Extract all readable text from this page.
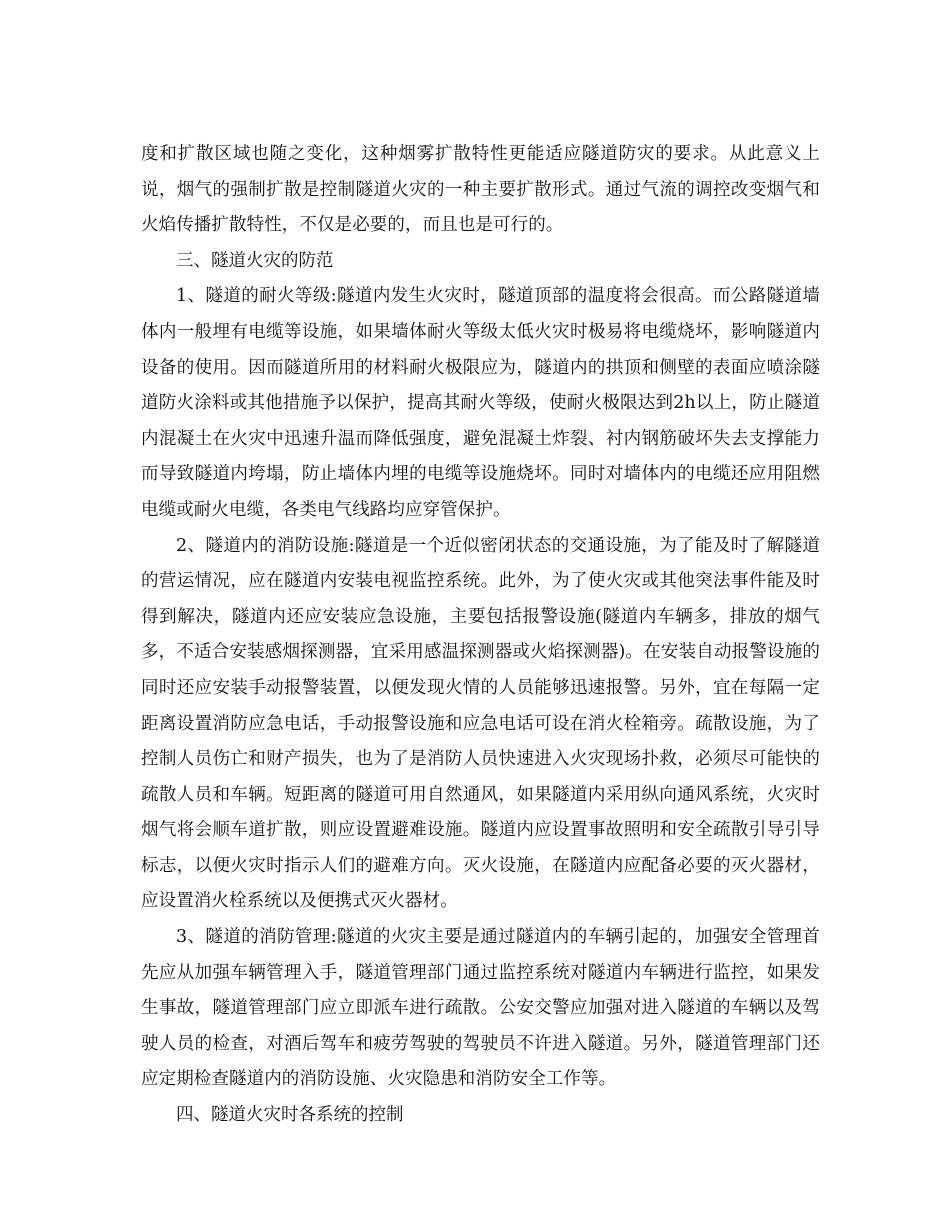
度和扩散区域也随之变化，这种烟雾扩散特性更能适应隧道防灾的要求。从此意义上说，烟气的强制扩散是控制隧道火灾的一种主要扩散形式。通过气流的调控改变烟气和火焰传播扩散特性，不仅是必要的，而且也是可行的。

三、隧道火灾的防范

1、隧道的耐火等级:隧道内发生火灾时，隧道顶部的温度将会很高。而公路隧道墙体内一般埋有电缆等设施，如果墙体耐火等级太低火灾时极易将电缆烧坏，影响隧道内设备的使用。因而隧道所用的材料耐火极限应为，隧道内的拱顶和侧壁的表面应喷涂隧道防火涂料或其他措施予以保护，提高其耐火等级，使耐火极限达到2h以上，防止隧道内混凝土在火灾中迅速升温而降低强度，避免混凝土炸裂、衬内钢筋破坏失去支撑能力而导致隧道内垮塌，防止墙体内埋的电缆等设施烧坏。同时对墙体内的电缆还应用阻燃电缆或耐火电缆，各类电气线路均应穿管保护。

2、隧道内的消防设施:隧道是一个近似密闭状态的交通设施，为了能及时了解隧道的营运情况，应在隧道内安装电视监控系统。此外，为了使火灾或其他突法事件能及时得到解决，隧道内还应安装应急设施，主要包括报警设施(隧道内车辆多，排放的烟气多，不适合安装感烟探测器，宜采用感温探测器或火焰探测器)。在安装自动报警设施的同时还应安装手动报警装置，以便发现火情的人员能够迅速报警。另外，宜在每隔一定距离设置消防应急电话，手动报警设施和应急电话可设在消火栓箱旁。疏散设施，为了控制人员伤亡和财产损失，也为了是消防人员快速进入火灾现场扑救，必须尽可能快的疏散人员和车辆。短距离的隧道可用自然通风，如果隧道内采用纵向通风系统，火灾时烟气将会顺车道扩散，则应设置避难设施。隧道内应设置事故照明和安全疏散引导引导标志，以便火灾时指示人们的避难方向。灭火设施，在隧道内应配备必要的灭火器材，应设置消火栓系统以及便携式灭火器材。

3、隧道的消防管理:隧道的火灾主要是通过隧道内的车辆引起的，加强安全管理首先应从加强车辆管理入手，隧道管理部门通过监控系统对隧道内车辆进行监控，如果发生事故，隧道管理部门应立即派车进行疏散。公安交警应加强对进入隧道的车辆以及驾驶人员的检查，对酒后驾车和疲劳驾驶的驾驶员不许进入隧道。另外，隧道管理部门还应定期检查隧道内的消防设施、火灾隐患和消防安全工作等。

四、隧道火灾时各系统的控制
